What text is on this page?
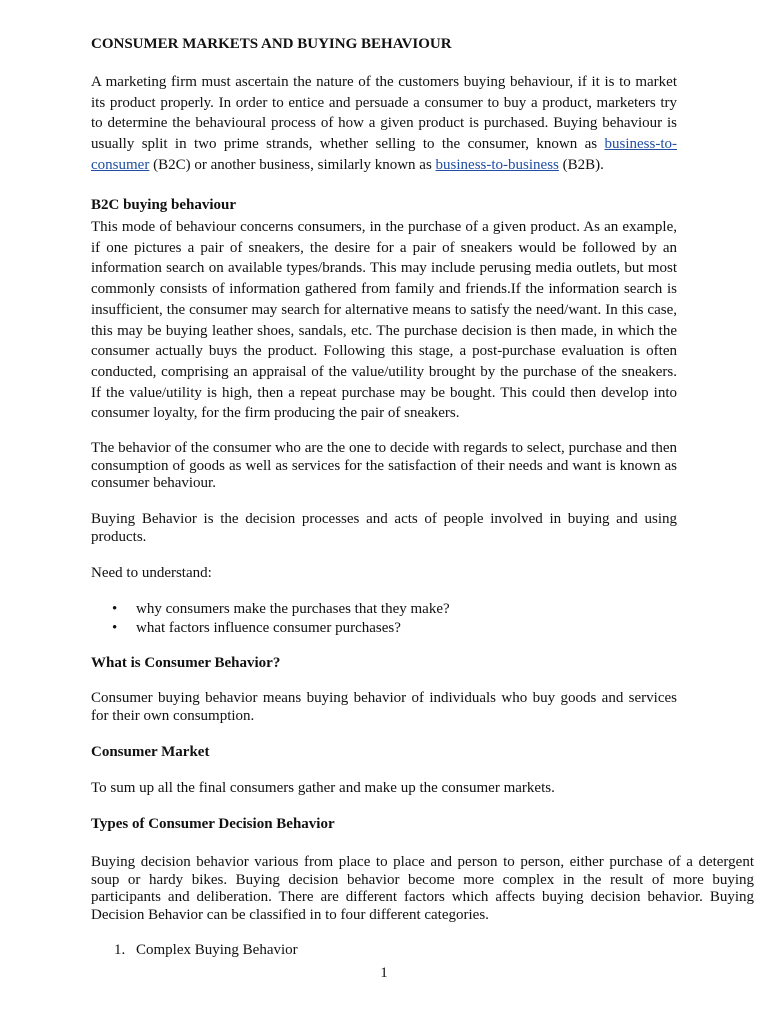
CONSUMER MARKETS AND BUYING BEHAVIOUR

A marketing firm must ascertain the nature of the customers buying behaviour, if it is to market its product properly. In order to entice and persuade a consumer to buy a product, marketers try to determine the behavioural process of how a given product is purchased. Buying behaviour is usually split in two prime strands, whether selling to the consumer, known as business-to-consumer (B2C) or another business, similarly known as business-to-business (B2B).

B2C buying behaviour

This mode of behaviour concerns consumers, in the purchase of a given product. As an example, if one pictures a pair of sneakers, the desire for a pair of sneakers would be followed by an information search on available types/brands. This may include perusing media outlets, but most commonly consists of information gathered from family and friends.If the information search is insufficient, the consumer may search for alternative means to satisfy the need/want. In this case, this may be buying leather shoes, sandals, etc. The purchase decision is then made, in which the consumer actually buys the product. Following this stage, a post-purchase evaluation is often conducted, comprising an appraisal of the value/utility brought by the purchase of the sneakers. If the value/utility is high, then a repeat purchase may be bought. This could then develop into consumer loyalty, for the firm producing the pair of sneakers.

The behavior of the consumer who are the one to decide with regards to select, purchase and then consumption of goods as well as services for the satisfaction of their needs and want is known as consumer behaviour.

Buying Behavior is the decision processes and acts of people involved in buying and using products.

Need to understand:

• why consumers make the purchases that they make?
• what factors influence consumer purchases?
What is Consumer Behavior?

Consumer buying behavior means buying behavior of individuals who buy goods and services for their own consumption.

Consumer Market

To sum up all the final consumers gather and make up the consumer markets.

Types of Consumer Decision Behavior

Buying decision behavior various from place to place and person to person, either purchase of a detergent soup or hardy bikes. Buying decision behavior become more complex in the result of more buying participants and deliberation. There are different factors which affects buying decision behavior. Buying Decision Behavior can be classified in to four different categories.

1. Complex Buying Behavior

1
